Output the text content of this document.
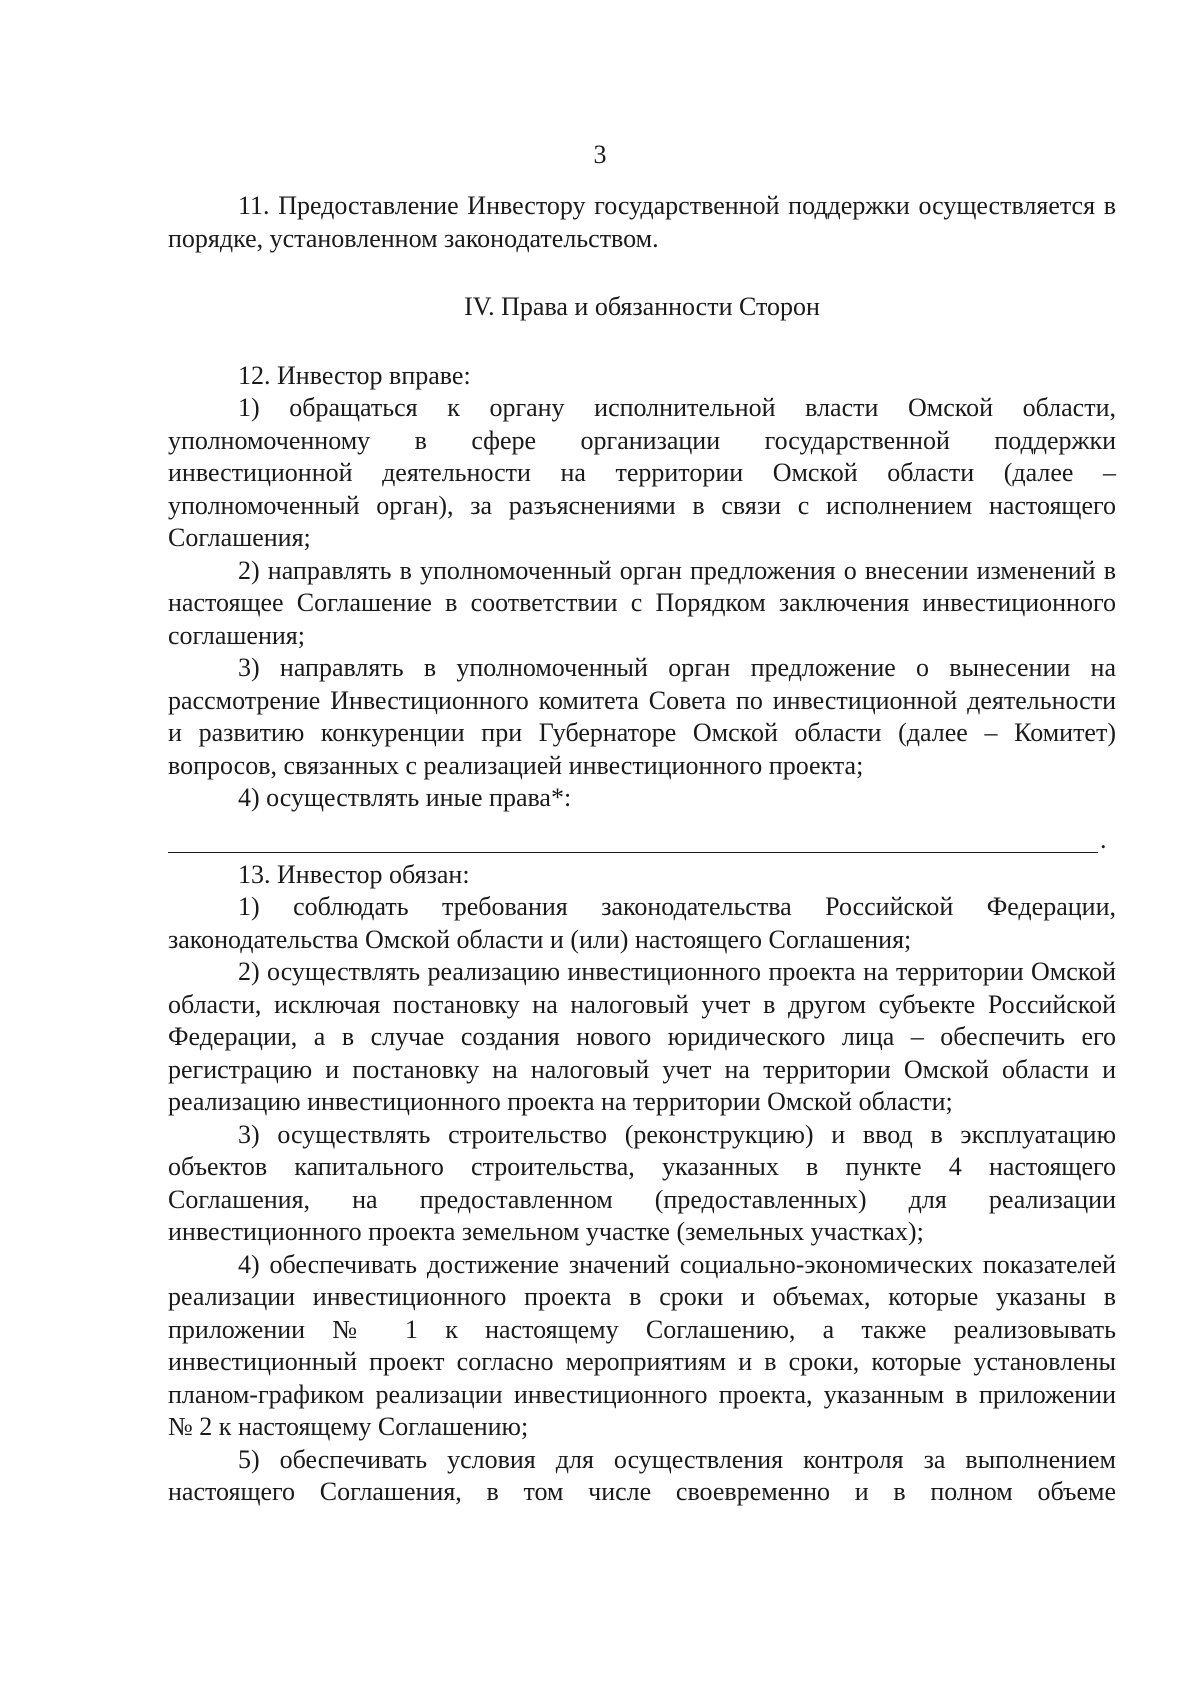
3

11. Предоставление Инвестору государственной поддержки осуществляется в порядке, установленном законодательством.

IV. Права и обязанности Сторон

12. Инвестор вправе:

1) обращаться к органу исполнительной власти Омской области, уполномоченному в сфере организации государственной поддержки инвестиционной деятельности на территории Омской области (далее – уполномоченный орган), за разъяснениями в связи с исполнением настоящего Соглашения;

2) направлять в уполномоченный орган предложения о внесении изменений в настоящее Соглашение в соответствии с Порядком заключения инвестиционного соглашения;

3) направлять в уполномоченный орган предложение о вынесении на рассмотрение Инвестиционного комитета Совета по инвестиционной деятельности и развитию конкуренции при Губернаторе Омской области (далее – Комитет) вопросов, связанных с реализацией инвестиционного проекта;

4) осуществлять иные права*:

.

13. Инвестор обязан:

1) соблюдать требования законодательства Российской Федерации, законодательства Омской области и (или) настоящего Соглашения;

2) осуществлять реализацию инвестиционного проекта на территории Омской области, исключая постановку на налоговый учет в другом субъекте Российской Федерации, а в случае создания нового юридического лица – обеспечить его регистрацию и постановку на налоговый учет на территории Омской области и реализацию инвестиционного проекта на территории Омской области;

3) осуществлять строительство (реконструкцию) и ввод в эксплуатацию объектов капитального строительства, указанных в пункте 4 настоящего Соглашения, на предоставленном (предоставленных) для реализации инвестиционного проекта земельном участке (земельных участках);

4) обеспечивать достижение значений социально-экономических показателей реализации инвестиционного проекта в сроки и объемах, которые указаны в приложении № 1 к настоящему Соглашению, а также реализовывать инвестиционный проект согласно мероприятиям и в сроки, которые установлены планом-графиком реализации инвестиционного проекта, указанным в приложении № 2 к настоящему Соглашению;

5) обеспечивать условия для осуществления контроля за выполнением настоящего Соглашения, в том числе своевременно и в полном объеме
